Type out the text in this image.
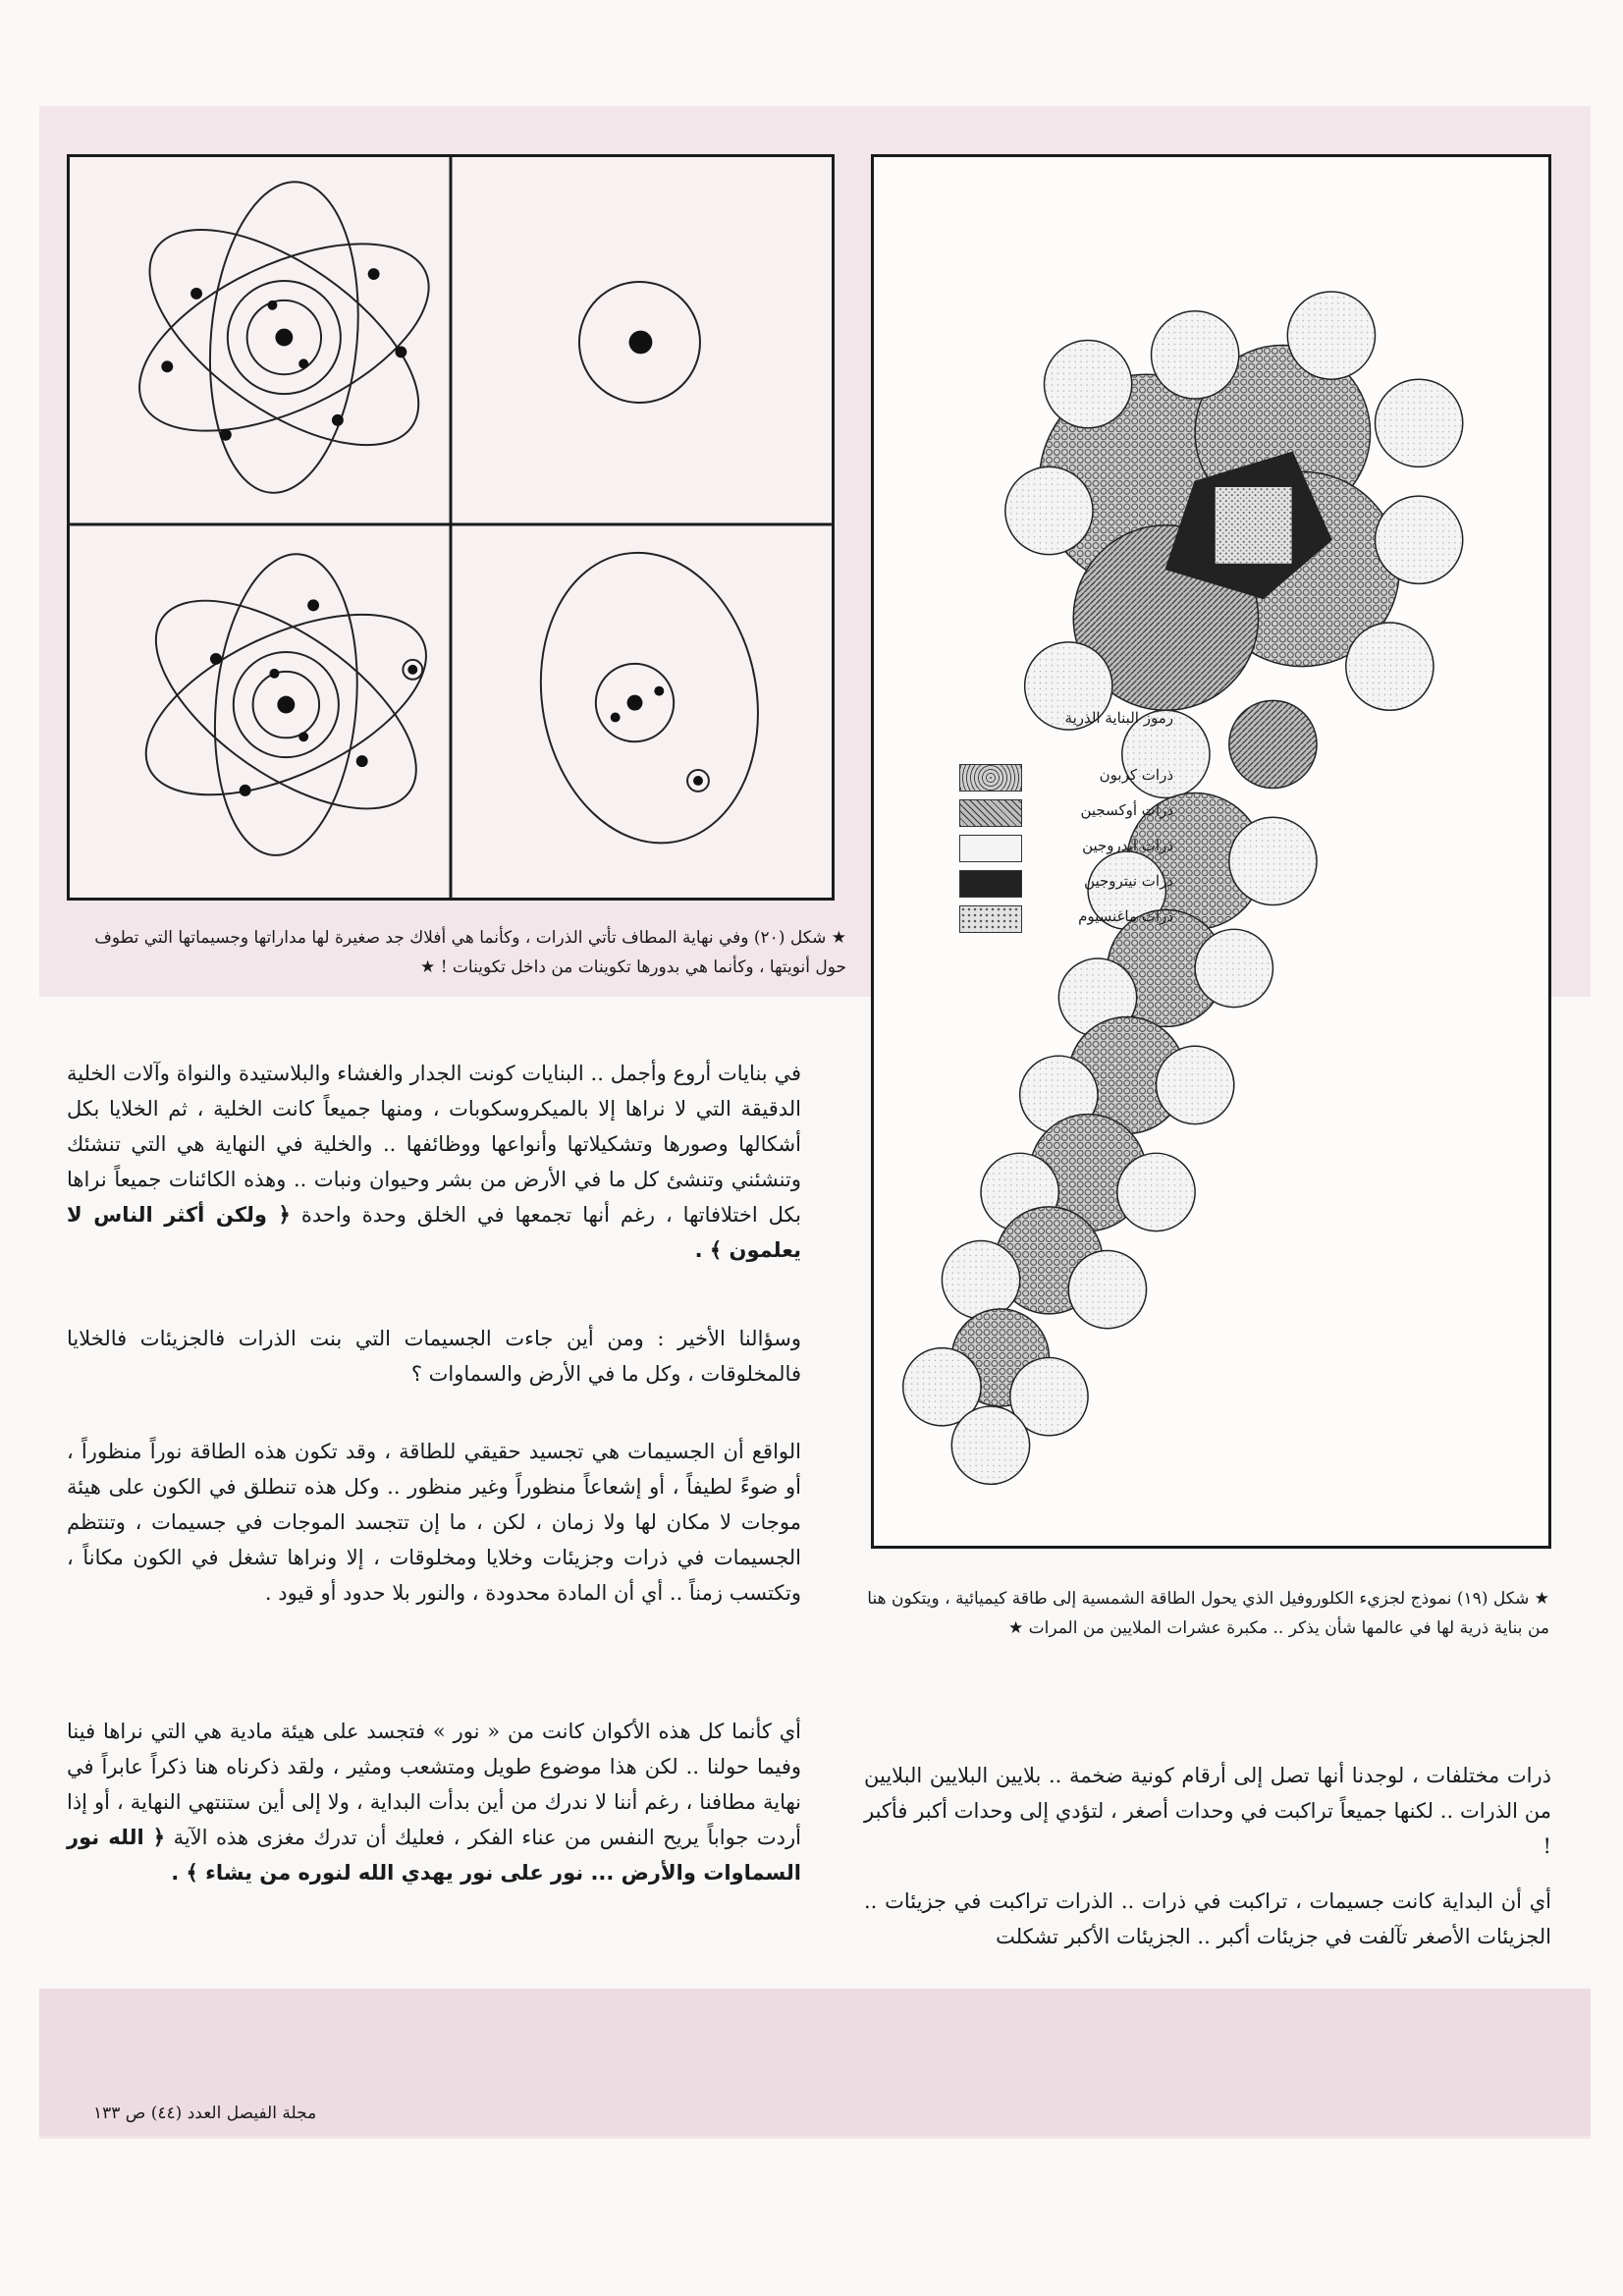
★ شكل (٢٠) وفي نهاية المطاف تأتي الذرات ، وكأنما هي أفلاك جد صغيرة لها مداراتها وجسيماتها التي تطوف حول أنويتها ، وكأنما هي بدورها تكوينات من داخل تكوينات ! ★
رموز البناية الذرية
ذرات كربون
ذرات أوكسجين
ذرات ايدروجين
ذرات نيتروجين
ذرات ماغنسيوم
★ شكل (١٩) نموذج لجزيء الكلوروفيل الذي يحول الطاقة الشمسية إلى طاقة كيميائية ، ويتكون هنا من بناية ذرية لها في عالمها شأن يذكر .. مكبرة عشرات الملايين من المرات ★
في بنايات أروع وأجمل .. البنايات كونت الجدار والغشاء والبلاستيدة والنواة وآلات الخلية الدقيقة التي لا نراها إلا بالميكروسكوبات ، ومنها جميعاً كانت الخلية ، ثم الخلايا بكل أشكالها وصورها وتشكيلاتها وأنواعها ووظائفها .. والخلية في النهاية هي التي تنشئك وتنشئني وتنشئ كل ما في الأرض من بشر وحيوان ونبات .. وهذه الكائنات جميعاً نراها بكل اختلافاتها ، رغم أنها تجمعها في الخلق وحدة واحدة ﴿ ولكن أكثر الناس لا يعلمون ﴾ .
وسؤالنا الأخير : ومن أين جاءت الجسيمات التي بنت الذرات فالجزيئات فالخلايا فالمخلوقات ، وكل ما في الأرض والسماوات ؟
الواقع أن الجسيمات هي تجسيد حقيقي للطاقة ، وقد تكون هذه الطاقة نوراً منظوراً ، أو ضوءً لطيفاً ، أو إشعاعاً منظوراً وغير منظور .. وكل هذه تنطلق في الكون على هيئة موجات لا مكان لها ولا زمان ، لكن ، ما إن تتجسد الموجات في جسيمات ، وتنتظم الجسيمات في ذرات وجزيئات وخلايا ومخلوقات ، إلا ونراها تشغل في الكون مكاناً ، وتكتسب زمناً .. أي أن المادة محدودة ، والنور بلا حدود أو قيود .
أي كأنما كل هذه الأكوان كانت من « نور » فتجسد على هيئة مادية هي التي نراها فينا وفيما حولنا .. لكن هذا موضوع طويل ومتشعب ومثير ، ولقد ذكرناه هنا ذكراً عابراً في نهاية مطافنا ، رغم أننا لا ندرك من أين بدأت البداية ، ولا إلى أين ستنتهي النهاية ، أو إذا أردت جواباً يريح النفس من عناء الفكر ، فعليك أن تدرك مغزى هذه الآية ﴿ الله نور السماوات والأرض ... نور على نور يهدي الله لنوره من يشاء ﴾ .
ذرات مختلفات ، لوجدنا أنها تصل إلى أرقام كونية ضخمة .. بلايين البلايين البلايين من الذرات .. لكنها جميعاً تراكبت في وحدات أصغر ، لتؤدي إلى وحدات أكبر فأكبر !
أي أن البداية كانت جسيمات ، تراكبت في ذرات .. الذرات تراكبت في جزيئات .. الجزيئات الأصغر تآلفت في جزيئات أكبر .. الجزيئات الأكبر تشكلت
مجلة الفيصل العدد (٤٤) ص ١٣٣
